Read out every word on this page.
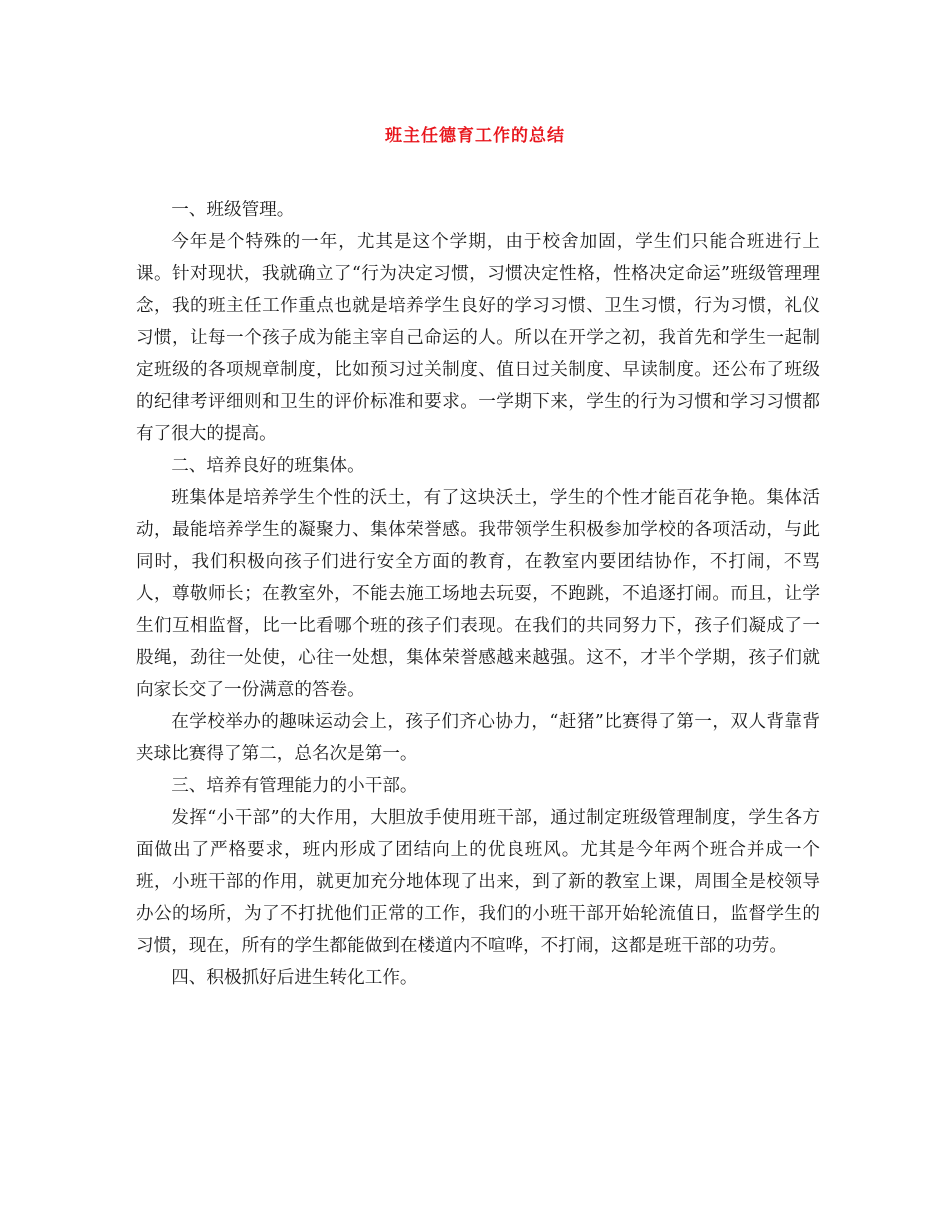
班主任德育工作的总结

一、班级管理。

今年是个特殊的一年，尤其是这个学期，由于校舍加固，学生们只能合班进行上课。针对现状，我就确立了“行为决定习惯，习惯决定性格，性格决定命运”班级管理理念，我的班主任工作重点也就是培养学生良好的学习习惯、卫生习惯，行为习惯，礼仪习惯，让每一个孩子成为能主宰自己命运的人。所以在开学之初，我首先和学生一起制定班级的各项规章制度，比如预习过关制度、值日过关制度、早读制度。还公布了班级的纪律考评细则和卫生的评价标准和要求。一学期下来，学生的行为习惯和学习习惯都有了很大的提高。

二、培养良好的班集体。

班集体是培养学生个性的沃土，有了这块沃土，学生的个性才能百花争艳。集体活动，最能培养学生的凝聚力、集体荣誉感。我带领学生积极参加学校的各项活动，与此同时，我们积极向孩子们进行安全方面的教育，在教室内要团结协作，不打闹，不骂人，尊敬师长；在教室外，不能去施工场地去玩耍，不跑跳，不追逐打闹。而且，让学生们互相监督，比一比看哪个班的孩子们表现。在我们的共同努力下，孩子们凝成了一股绳，劲往一处使，心往一处想，集体荣誉感越来越强。这不，才半个学期，孩子们就向家长交了一份满意的答卷。

在学校举办的趣味运动会上，孩子们齐心协力，“赶猪”比赛得了第一，双人背靠背夹球比赛得了第二，总名次是第一。

三、培养有管理能力的小干部。

发挥“小干部”的大作用，大胆放手使用班干部，通过制定班级管理制度，学生各方面做出了严格要求，班内形成了团结向上的优良班风。尤其是今年两个班合并成一个班，小班干部的作用，就更加充分地体现了出来，到了新的教室上课，周围全是校领导办公的场所，为了不打扰他们正常的工作，我们的小班干部开始轮流值日，监督学生的习惯，现在，所有的学生都能做到在楼道内不喧哗，不打闹，这都是班干部的功劳。

四、积极抓好后进生转化工作。
